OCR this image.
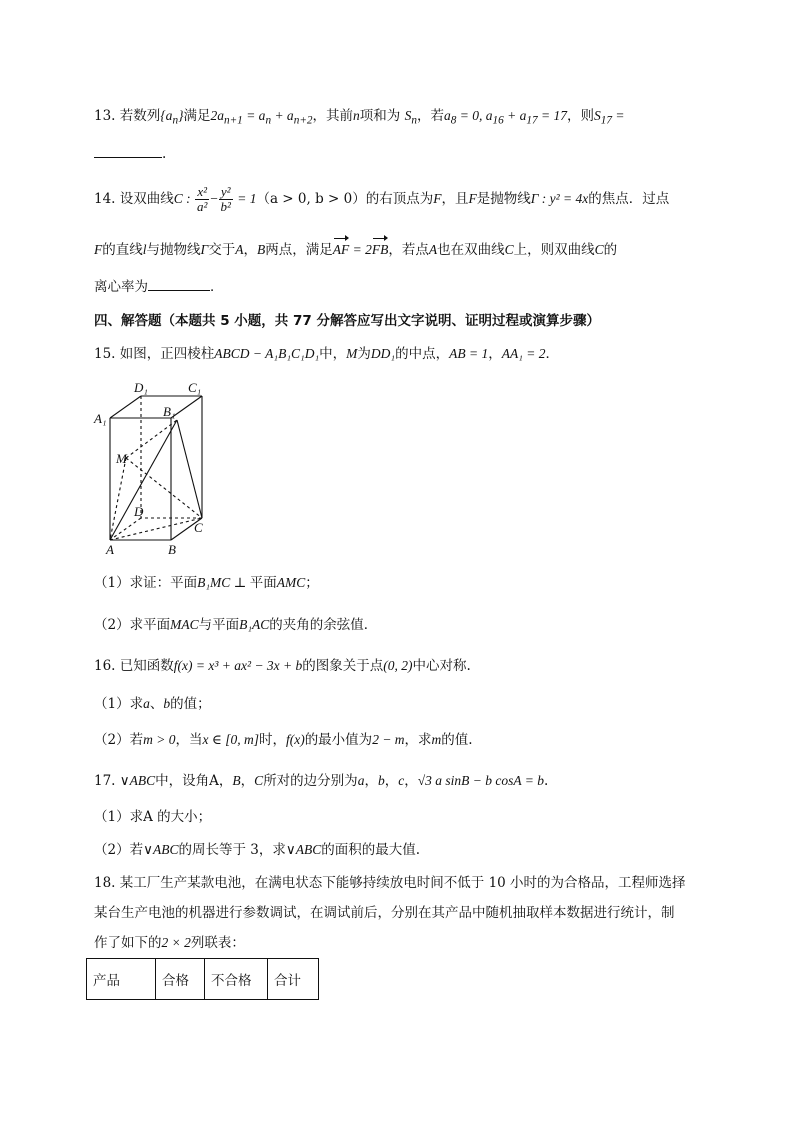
13. 若数列$\{a_n\}$满足$2a_{n+1} = a_n + a_{n+2}$，其前n项和为 $S_n$，若$a_8 = 0$, $a_{16} + a_{17} = 17$，则$S_{17}$ =
.
14. 设双曲线C : $\frac{\text{x²}}{\text{a²}} - \frac{\text{y²}}{\text{b²}} = 1(a > 0$, b > 0）的右顶点为F，且F是抛物线Γ : y² = 4x的焦点．过点
F的直线l与抛物线Γ交于A，B两点，满足AF = 2FB，若点A也在双曲线C上，则双曲线C的
离心率为	．
四、解答题（本题共 5 小题，共 77 分解答应写出文字说明、证明过程或演算步骤）
15. 如图，正四棱柱ABCD − A₁B₁C₁D₁中，M为DD₁的中点，AB = 1，AA₁ = 2．
D₁	C₁
A₁	B₁
M
D
C
A	B
（1）求证：平面B₁MC ⊥ 平面AMC；
（2）求平面MAC与平面B₁AC的夹角的余弦值．
16. 已知函数f(x) = x³ + ax² − 3x + b的图象关于点(0, 2)中心对称.
（1）求a、b的值；
（2）若m > 0，当x ∈ [0, m]时，f(x)的最小值为2 − m，求m的值.
17. ∨ABC中，设角A，B，C所对的边分别为a，b，c，√3 a sinB − b cosA = b.
（1）求A 的大小；
（2）若∨ABC的周长等于 3，求∨ABC的面积的最大值.
18. 某工厂生产某款电池，在满电状态下能够持续放电时间不低于 10 小时的为合格品，工程师选择
某台生产电池的机器进行参数调试，在调试前后，分别在其产品中随机抽取样本数据进行统计，制
作了如下的2 × 2列联表：
产品	合格	不合格	合计
